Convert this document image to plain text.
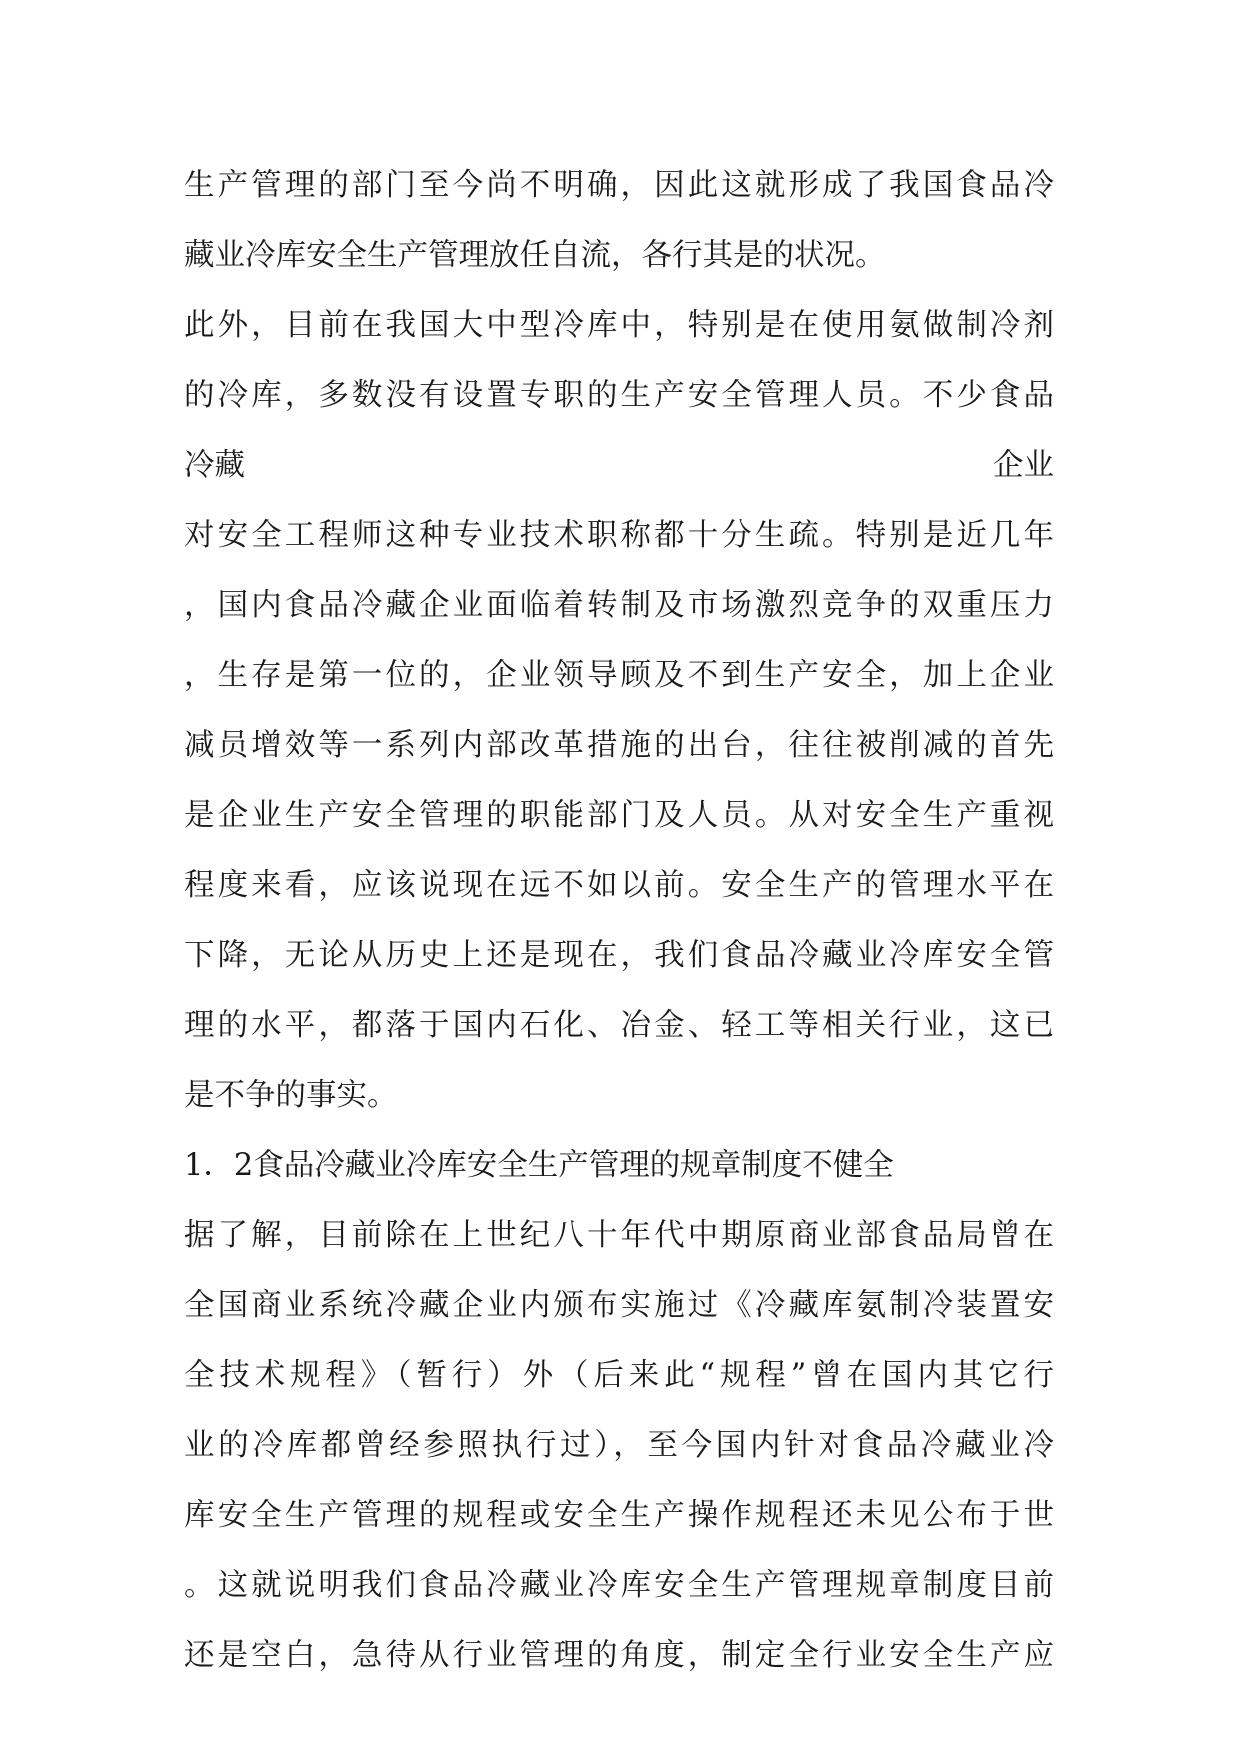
生产管理的部门至今尚不明确，因此这就形成了我国食品冷
藏业冷库安全生产管理放任自流，各行其是的状况。
此外，目前在我国大中型冷库中，特别是在使用氨做制冷剂
的冷库，多数没有设置专职的生产安全管理人员。不少食品
冷藏	企业
对安全工程师这种专业技术职称都十分生疏。特别是近几年
，国内食品冷藏企业面临着转制及市场激烈竞争的双重压力
，生存是第一位的，企业领导顾及不到生产安全，加上企业
减员增效等一系列内部改革措施的出台，往往被削减的首先
是企业生产安全管理的职能部门及人员。从对安全生产重视
程度来看，应该说现在远不如以前。安全生产的管理水平在
下降，无论从历史上还是现在，我们食品冷藏业冷库安全管
理的水平，都落于国内石化、冶金、轻工等相关行业，这已
是不争的事实。
1．2食品冷藏业冷库安全生产管理的规章制度不健全
据了解，目前除在上世纪八十年代中期原商业部食品局曾在
全国商业系统冷藏企业内颁布实施过《冷藏库氨制冷装置安
全技术规程》（暂行）外（后来此“规程”曾在国内其它行
业的冷库都曾经参照执行过），至今国内针对食品冷藏业冷
库安全生产管理的规程或安全生产操作规程还未见公布于世
。这就说明我们食品冷藏业冷库安全生产管理规章制度目前
还是空白，急待从行业管理的角度，制定全行业安全生产应
